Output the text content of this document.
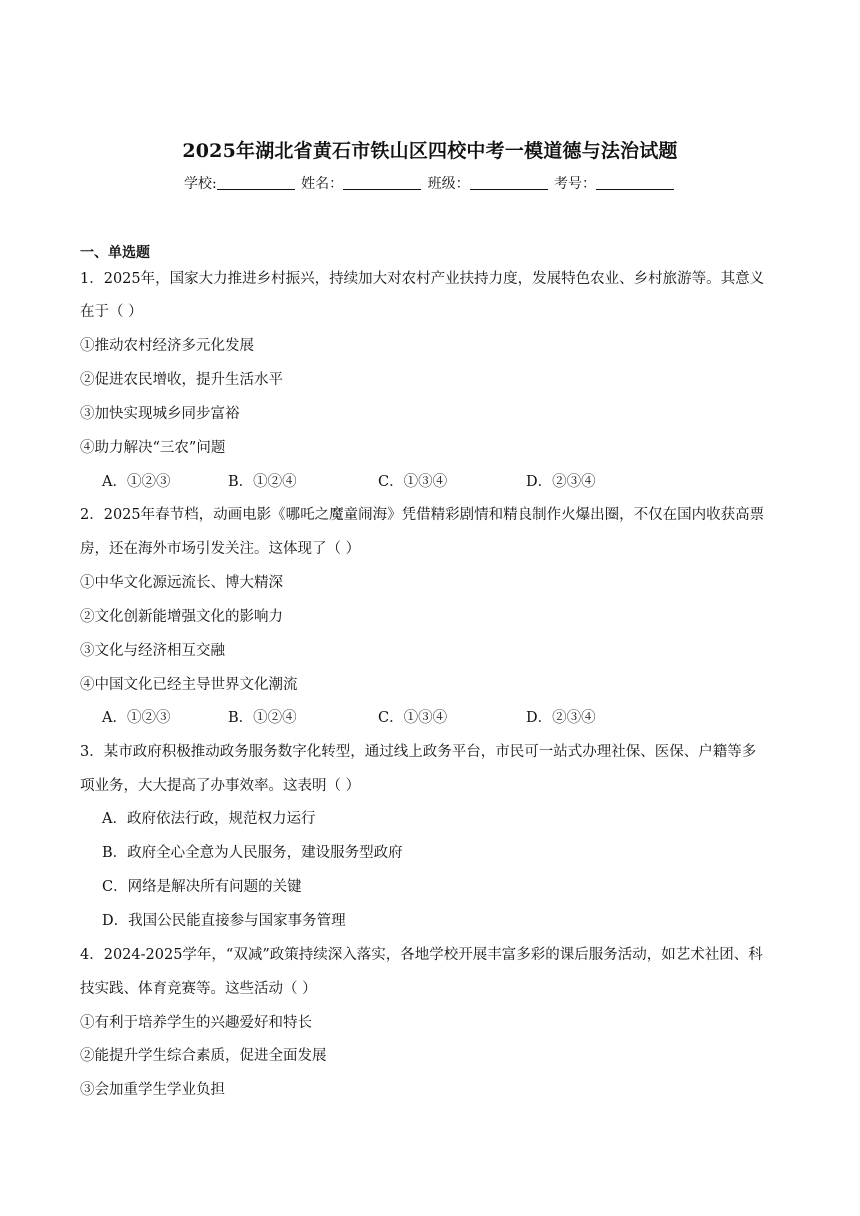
2025年湖北省黄石市铁山区四校中考一模道德与法治试题
学校:	姓名：	班级：	考号：
一、单选题
1．2025年，国家大力推进乡村振兴，持续加大对农村产业扶持力度，发展特色农业、乡村旅游等。其意义
在于（ ）
①推动农村经济多元化发展
②促进农民增收，提升生活水平
③加快实现城乡同步富裕
④助力解决“三农”问题
A．①②③	B．①②④	C．①③④	D．②③④
2．2025年春节档，动画电影《哪吒之魔童闹海》凭借精彩剧情和精良制作火爆出圈，不仅在国内收获高票
房，还在海外市场引发关注。这体现了（ ）
①中华文化源远流长、博大精深
②文化创新能增强文化的影响力
③文化与经济相互交融
④中国文化已经主导世界文化潮流
A．①②③	B．①②④	C．①③④	D．②③④
3．某市政府积极推动政务服务数字化转型，通过线上政务平台，市民可一站式办理社保、医保、户籍等多
项业务，大大提高了办事效率。这表明（ ）
A．政府依法行政，规范权力运行
B．政府全心全意为人民服务，建设服务型政府
C．网络是解决所有问题的关键
D．我国公民能直接参与国家事务管理
4．2024-2025学年，“双减”政策持续深入落实，各地学校开展丰富多彩的课后服务活动，如艺术社团、科
技实践、体育竞赛等。这些活动（ ）
①有利于培养学生的兴趣爱好和特长
②能提升学生综合素质，促进全面发展
③会加重学生学业负担
